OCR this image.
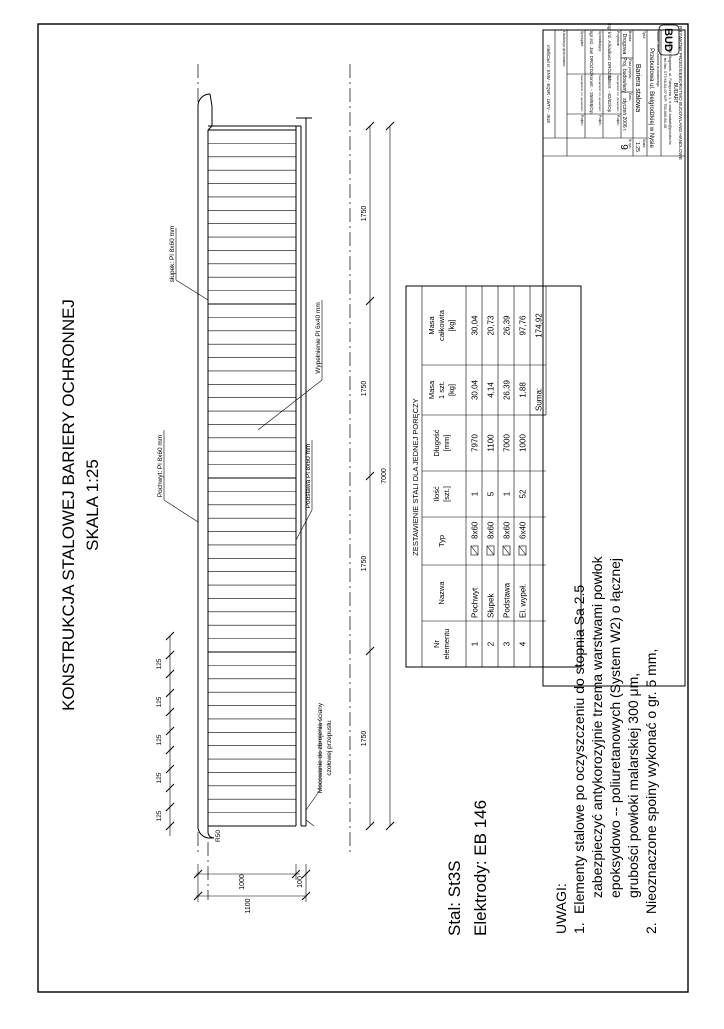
PRYWATNE PRZEDSIĘBIORSTWO BUDOWLANO HANDLOWE
BUDART
48-250 Głogówek, ul. Fabryczna 1, e-mail: budart@poczta.fm
tel./fax. 077/46-64-07 NIP: 755-000-86-48
Nazwa i adres zadania budowlanego:
Przebudowa ul. Bielgrodzkiej w Nysie
Tytuł:
Bariera stalowa
Skala:
1:25
Branża:
Drogowa
Faza projektu:
Proj. budowlany
Data:
styczeń 2006 r.
Nr rys.:
9
Projektant:
mgr inż. Arkadiusz DRÓŻDŻ
Specjalność i nr uprawnień:
konstr. - 82/02/Op
Podpis:
Sprawdzający:
mgr inż. Jan DRÓŻDŻ
Specjalność i nr uprawnień:
konstr. - 259/88/Op
Podpis:
Sporządził:
Specjalność i nr uprawnień:
Podpis:
Lokalizacja opracowania:
IntelliCad nr: ENW - EQ6R - LWTV - J918
BUD
KONSTRUKCJA STALOWEJ BARIERY OCHRONNEJ SKALA 1:25
125
125
125
125
125
1750
1750
1750
1750
7000
1000	100
1100
R50
słupek: Pl 8x60 mm
Pochwyt: Pl 8x60 mm
Wypełnienie Pl 6x40 mm
Podstawa Pl 8x60 mm
Mocowanie do zbrojenia ściany czołowej przepustu
Stal: St3S Elektrody: EB 146
ZESTAWIENIE STALI DLA JEDNEJ PORĘCZY
Nrelementu
Nazwa
Typ
Ilość[szt.]
Długość[mm]
Masa1 szt.[kg]
Masacałkowita[kg]
1
Pochwyt
8x60
1
7970
30,04
30,04
2
Słupek
8x60
5
1100
4,14
20,73
3
Podstawa
8x60
1
7000
26,39
26,39
4
El. wypeł.
6x40
52
1000
1,88
97,76
Suma:
174,92
UWAGI: 1.
Elementy stalowe po oczyszczeniu do stopnia Sa 2.5 zabezpieczyć antykorozyjnie trzema warstwami powłok epoksydowo -- poliuretanowych (System W2) o łącznej grubości powłoki malarskiej 300 μm,
2.
Nieoznaczone spoiny wykonać o gr. 5 mm,
